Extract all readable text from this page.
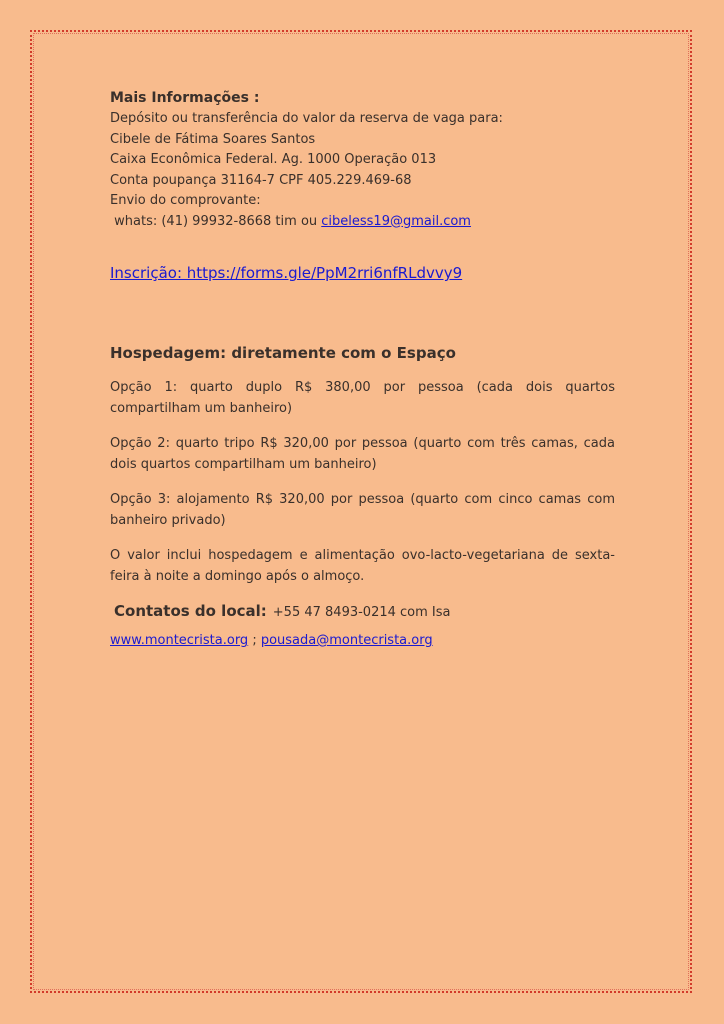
Mais Informações :

Depósito ou transferência do valor da reserva de vaga para:

Cibele de Fátima Soares Santos

Caixa Econômica Federal. Ag. 1000 Operação 013

Conta poupança 31164-7 CPF 405.229.469-68

Envio do comprovante:

whats: (41) 99932-8668 tim ou cibeless19@gmail.com

Inscrição: https://forms.gle/PpM2rri6nfRLdvvy9

Hospedagem: diretamente com o Espaço

Opção 1: quarto duplo R$ 380,00 por pessoa (cada dois quartos compartilham um banheiro)

Opção 2: quarto tripo R$ 320,00 por pessoa (quarto com três camas, cada dois quartos compartilham um banheiro)

Opção 3: alojamento R$ 320,00 por pessoa (quarto com cinco camas com banheiro privado)

O valor inclui hospedagem e alimentação ovo-lacto-vegetariana de sexta-feira à noite a domingo após o almoço.

Contatos do local: +55 47 8493-0214 com Isa

www.montecrista.org ; pousada@montecrista.org
